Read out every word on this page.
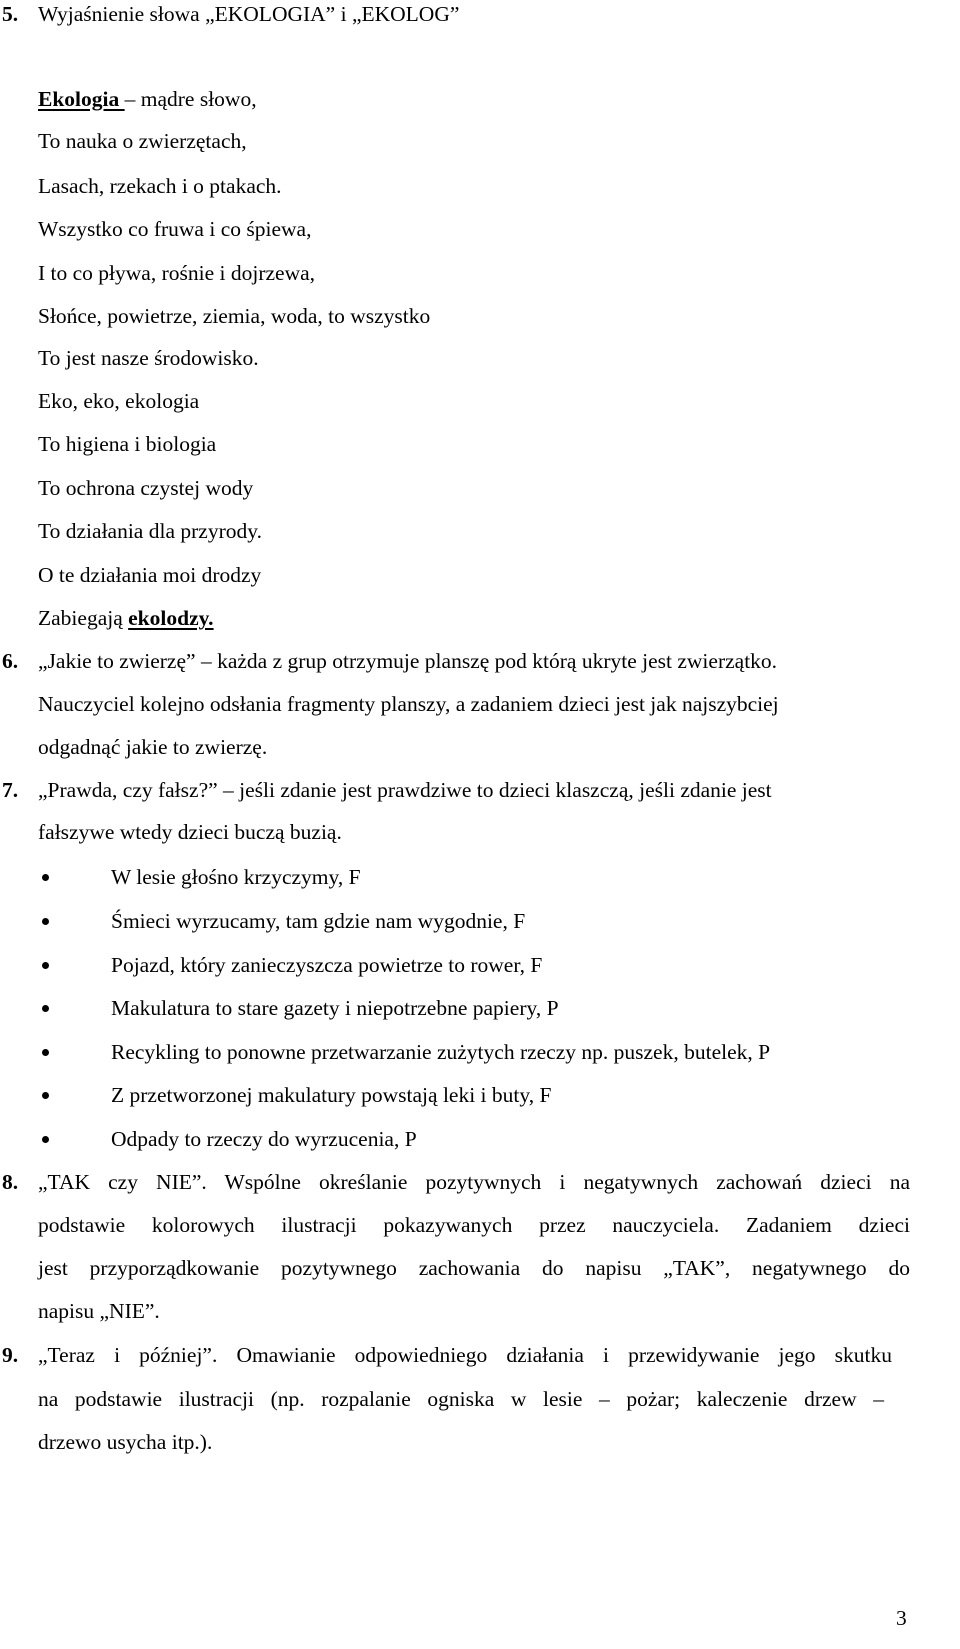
5. Wyjaśnienie słowa „EKOLOGIA” i „EKOLOG”
Ekologia – mądre słowo,
To nauka o zwierzętach,
Lasach, rzekach i o ptakach.
Wszystko co fruwa i co śpiewa,
I to co pływa, rośnie i dojrzewa,
Słońce, powietrze, ziemia, woda, to wszystko
To jest nasze środowisko.
Eko, eko, ekologia
To higiena i biologia
To ochrona czystej wody
To działania dla przyrody.
O te działania moi drodzy
Zabiegają ekolodzy.
6. „Jakie to zwierzę” – każda z grup otrzymuje planszę pod którą ukryte jest zwierzątko.
Nauczyciel kolejno odsłania fragmenty planszy, a zadaniem dzieci jest jak najszybciej
odgadnąć jakie to zwierzę.
7. „Prawda, czy fałsz?” – jeśli zdanie jest prawdziwe to dzieci klaszczą, jeśli zdanie jest
fałszywe wtedy dzieci buczą buzią.
W lesie głośno krzyczymy, F
Śmieci wyrzucamy, tam gdzie nam wygodnie, F
Pojazd, który zanieczyszcza powietrze to rower, F
Makulatura to stare gazety i niepotrzebne papiery, P
Recykling to ponowne przetwarzanie zużytych rzeczy np. puszek, butelek, P
Z przetworzonej makulatury powstają leki i buty, F
Odpady to rzeczy do wyrzucenia, P
8. „TAK czy NIE”. Wspólne określanie pozytywnych i negatywnych zachowań dzieci na
podstawie kolorowych ilustracji pokazywanych przez nauczyciela. Zadaniem dzieci
jest przyporządkowanie pozytywnego zachowania do napisu „TAK”, negatywnego do
napisu „NIE”.
9. „Teraz i później”. Omawianie odpowiedniego działania i przewidywanie jego skutku
na podstawie ilustracji (np. rozpalanie ogniska w lesie – pożar; kaleczenie drzew –
drzewo usycha itp.).
3
